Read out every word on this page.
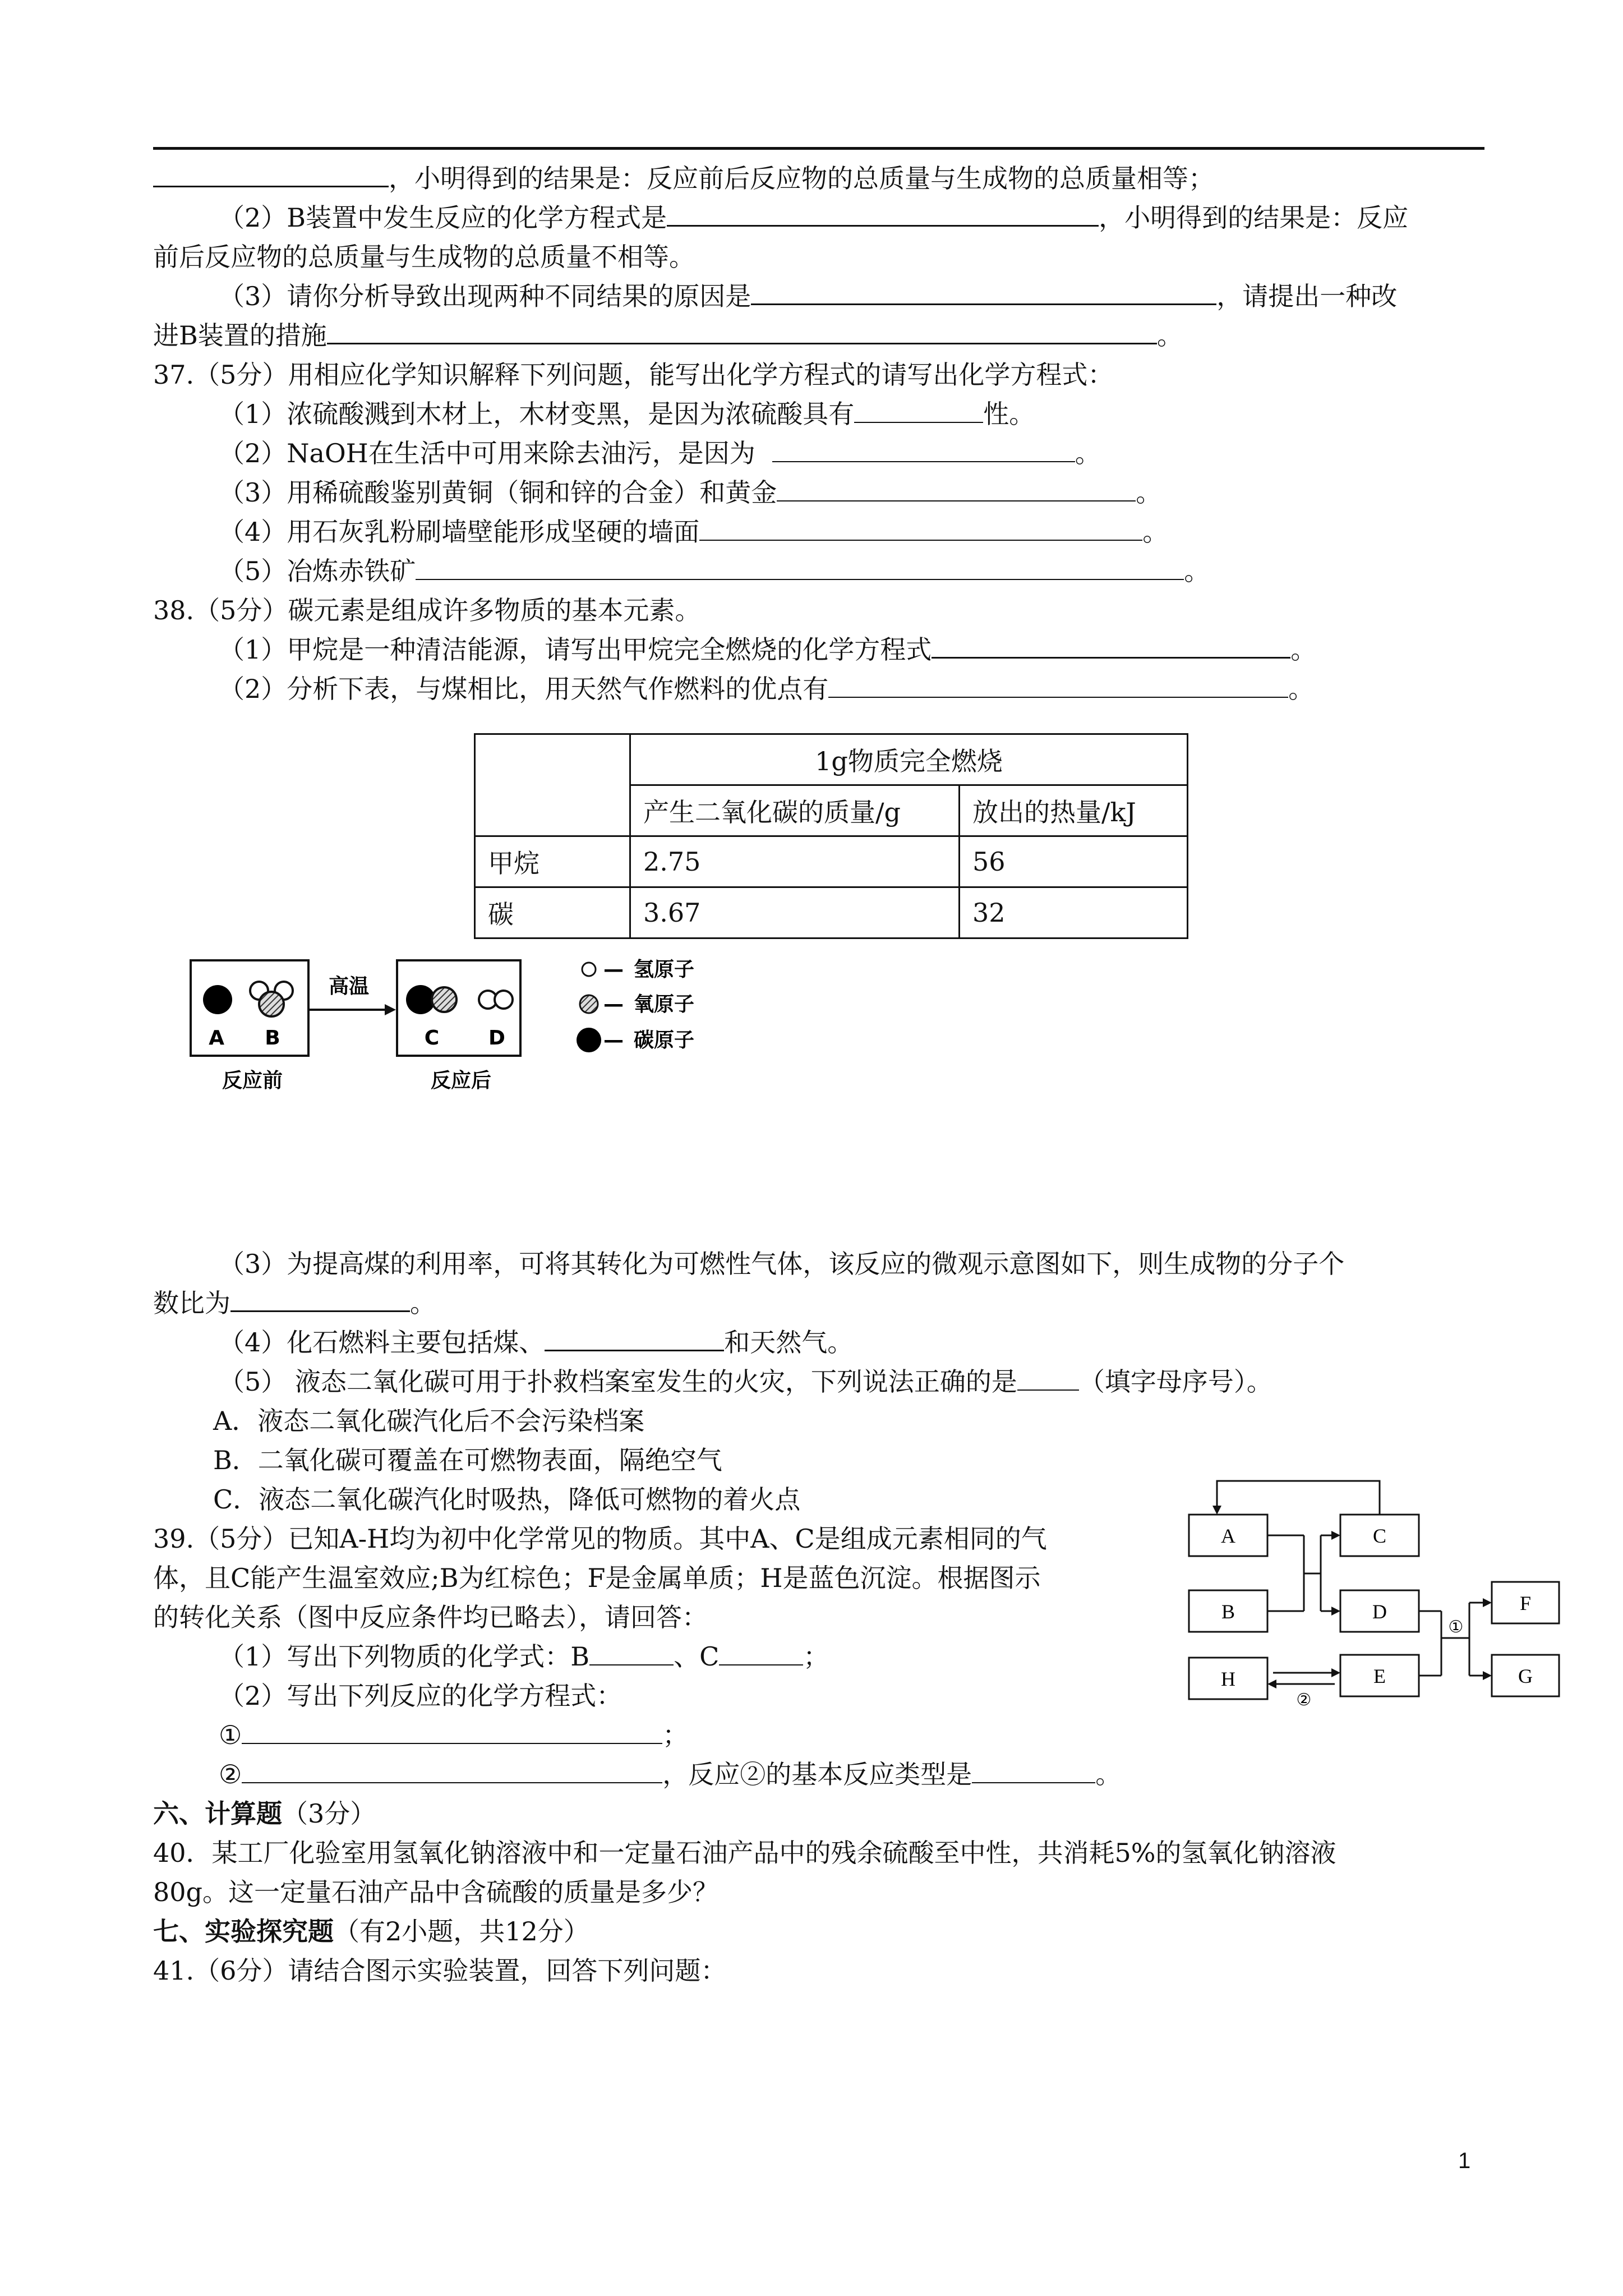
，小明得到的结果是：反应前后反应物的总质量与生成物的总质量相等；
（2）B装置中发生反应的化学方程式是	，小明得到的结果是：反应
前后反应物的总质量与生成物的总质量不相等。
（3）请你分析导致出现两种不同结果的原因是	，请提出一种改
进B装置的措施	。
37.（5分）用相应化学知识解释下列问题，能写出化学方程式的请写出化学方程式：
（1）浓硫酸溅到木材上，木材变黑，是因为浓硫酸具有	性。
（2）NaOH在生活中可用来除去油污，是因为	。
（3）用稀硫酸鉴别黄铜（铜和锌的合金）和黄金	。
（4）用石灰乳粉刷墙壁能形成坚硬的墙面	。
（5）冶炼赤铁矿	。
38.（5分）碳元素是组成许多物质的基本元素。
（1）甲烷是一种清洁能源，请写出甲烷完全燃烧的化学方程式	。
（2）分析下表，与煤相比，用天然气作燃料的优点有	。
	1g物质完全燃烧	
	产生二氧化碳的质量/g	放出的热量/kJ
甲烷	2.75	56
碳	3.67	32
A B
高温
C D
反应前	反应后
— 氢原子
— 氧原子
— 碳原子
（3）为提高煤的利用率，可将其转化为可燃性气体，该反应的微观示意图如下，则生成物的分子个
数比为	。
（4）化石燃料主要包括煤、	和天然气。
（5） 液态二氧化碳可用于扑救档案室发生的火灾，下列说法正确的是 （填字母序号）。
A．液态二氧化碳汽化后不会污染档案
B．二氧化碳可覆盖在可燃物表面，隔绝空气
C．液态二氧化碳汽化时吸热，降低可燃物的着火点
39.（5分）已知A-H均为初中化学常见的物质。其中A、C是组成元素相同的气
体，且C能产生温室效应;B为红棕色；F是金属单质；H是蓝色沉淀。根据图示
的转化关系（图中反应条件均已略去），请回答：
（1）写出下列物质的化学式：B	、C	；
（2）写出下列反应的化学方程式：
①	；
②	，反应②的基本反应类型是	。
A	C
B	D	F
G
H	E
①
②
六、计算题（3分）
40．某工厂化验室用氢氧化钠溶液中和一定量石油产品中的残余硫酸至中性，共消耗5%的氢氧化钠溶液
80g。这一定量石油产品中含硫酸的质量是多少？
七、实验探究题（有2小题，共12分）
41.（6分）请结合图示实验装置，回答下列问题：
1
